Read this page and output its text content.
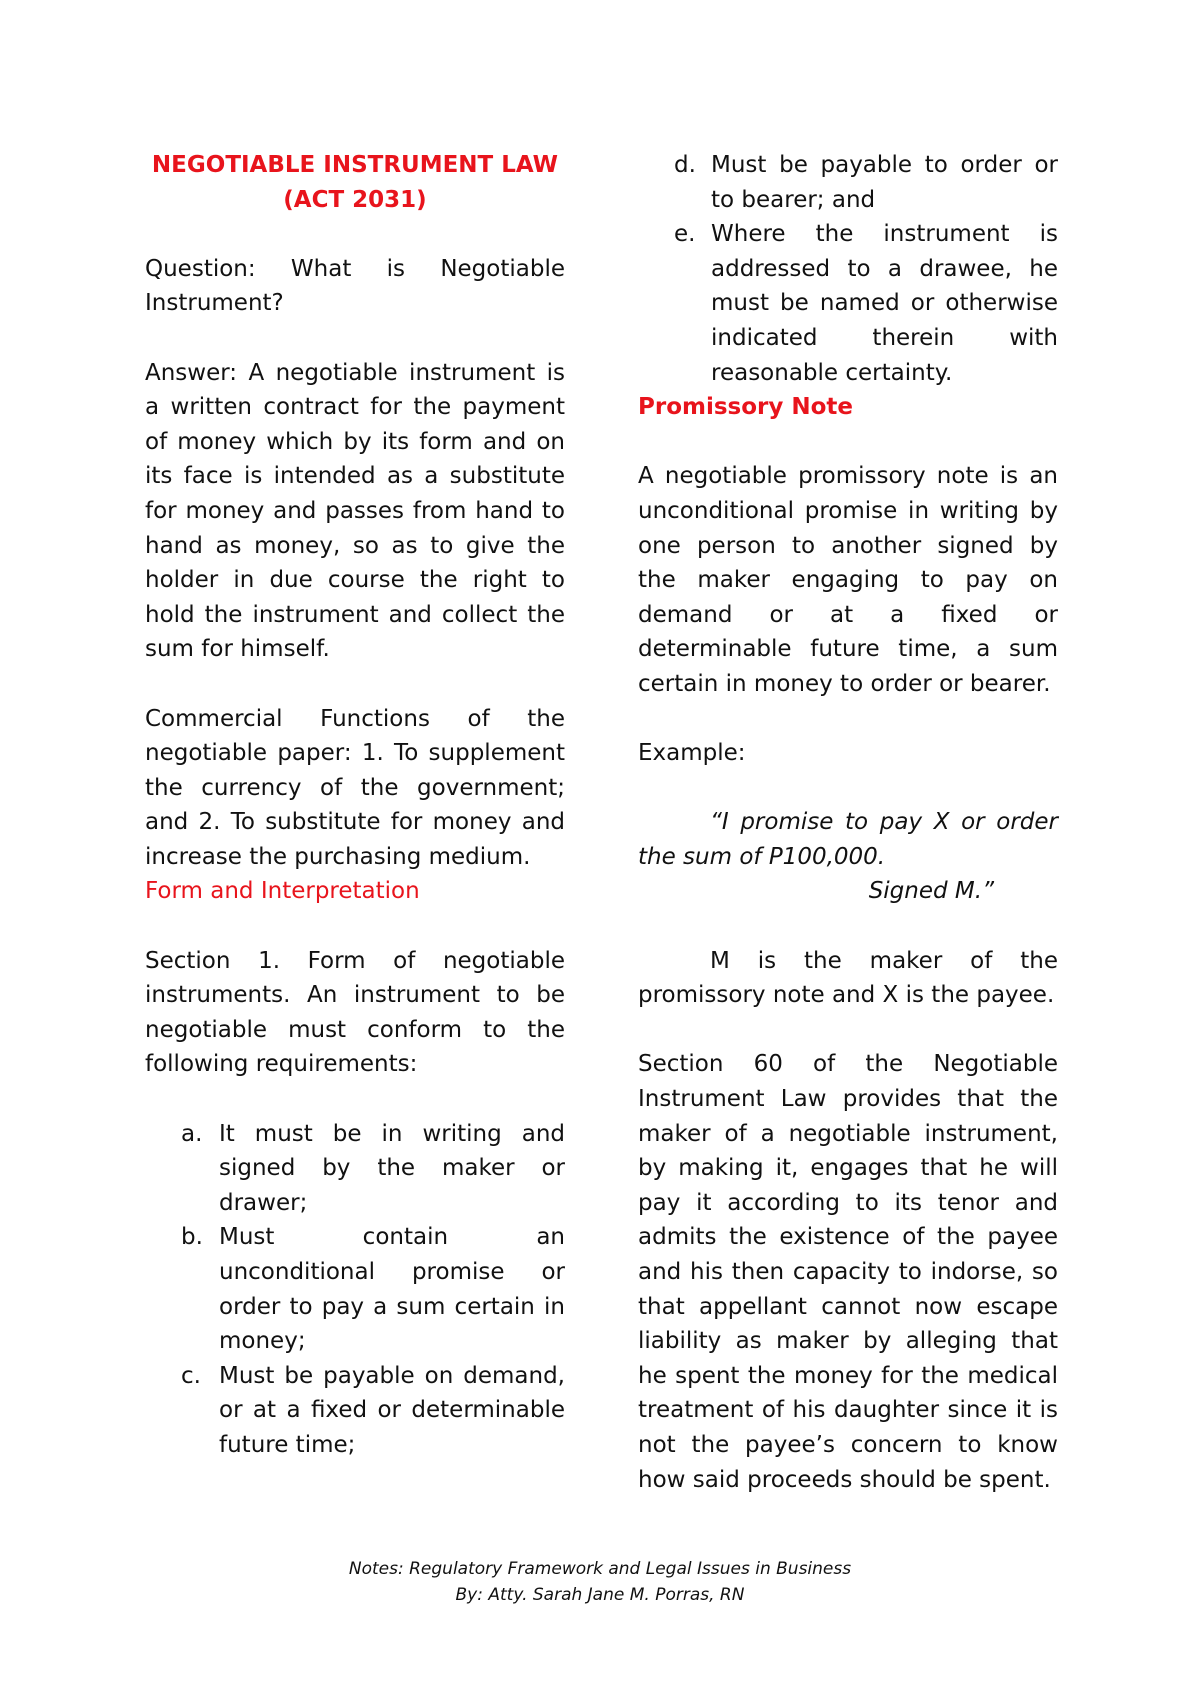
NEGOTIABLE INSTRUMENT LAW

(ACT 2031)

Question: What is Negotiable Instrument?

Answer: A negotiable instrument is a written contract for the payment of money which by its form and on its face is intended as a substitute for money and passes from hand to hand as money, so as to give the holder in due course the right to hold the instrument and collect the sum for himself.

Commercial Functions of the negotiable paper: 1. To supplement the currency of the government; and 2. To substitute for money and increase the purchasing medium.

Form and Interpretation

Section 1. Form of negotiable instruments. An instrument to be negotiable must conform to the following requirements:

a. It must be in writing and signed by the maker or drawer;
b. Must contain an unconditional promise or order to pay a sum certain in money;
c. Must be payable on demand, or at a fixed or determinable future time;
d. Must be payable to order or to bearer; and
e. Where the instrument is addressed to a drawee, he must be named or otherwise indicated therein with reasonable certainty.

Promissory Note

A negotiable promissory note is an unconditional promise in writing by one person to another signed by the maker engaging to pay on demand or at a fixed or determinable future time, a sum certain in money to order or bearer.

Example:

“I promise to pay X or order the sum of P100,000.

Signed M.”

M is the maker of the promissory note and X is the payee.

Section 60 of the Negotiable Instrument Law provides that the maker of a negotiable instrument, by making it, engages that he will pay it according to its tenor and admits the existence of the payee and his then capacity to indorse, so that appellant cannot now escape liability as maker by alleging that he spent the money for the medical treatment of his daughter since it is not the payee’s concern to know how said proceeds should be spent.

Notes: Regulatory Framework and Legal Issues in Business
By: Atty. Sarah Jane M. Porras, RN
